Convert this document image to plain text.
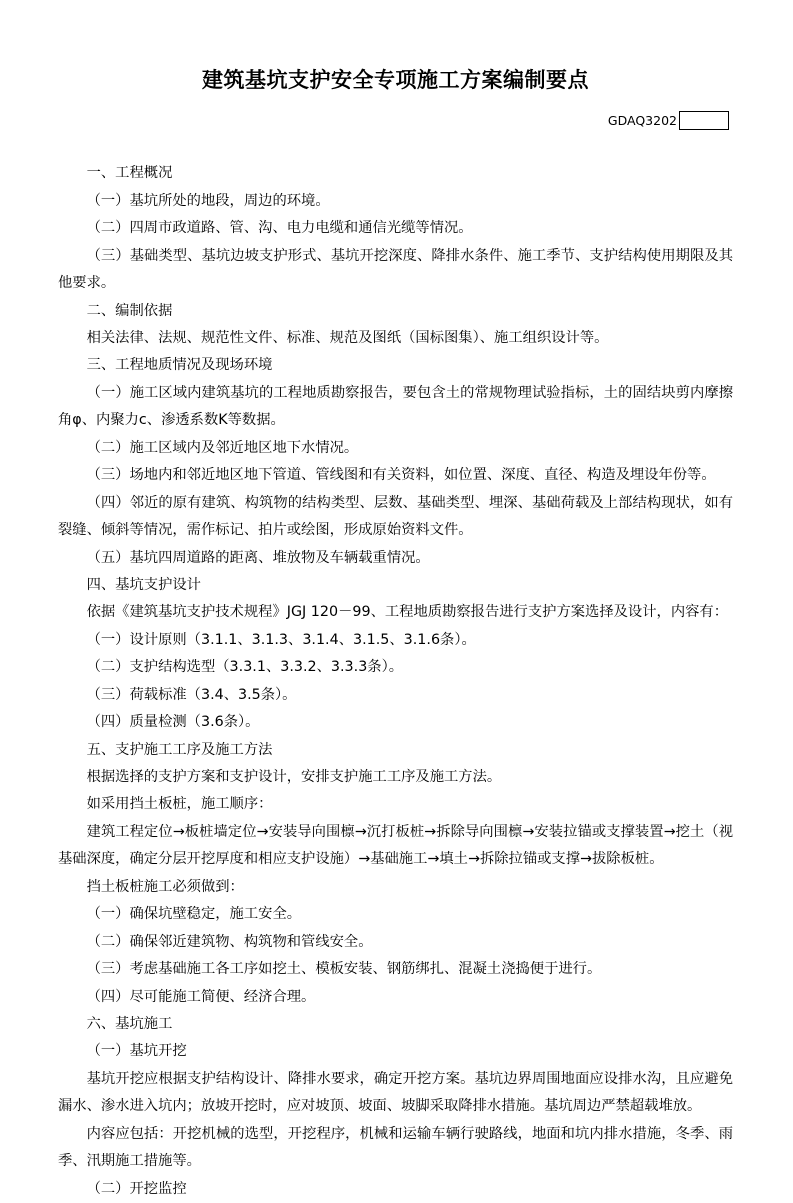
建筑基坑支护安全专项施工方案编制要点
GDAQ3202

一、工程概况

（一）基坑所处的地段，周边的环境。

（二）四周市政道路、管、沟、电力电缆和通信光缆等情况。

（三）基础类型、基坑边坡支护形式、基坑开挖深度、降排水条件、施工季节、支护结构使用期限及其他要求。

二、编制依据

相关法律、法规、规范性文件、标准、规范及图纸（国标图集）、施工组织设计等。

三、工程地质情况及现场环境

（一）施工区域内建筑基坑的工程地质勘察报告，要包含土的常规物理试验指标，土的固结块剪内摩擦角φ、内聚力c、渗透系数K等数据。

（二）施工区域内及邻近地区地下水情况。

（三）场地内和邻近地区地下管道、管线图和有关资料，如位置、深度、直径、构造及埋设年份等。

（四）邻近的原有建筑、构筑物的结构类型、层数、基础类型、埋深、基础荷载及上部结构现状，如有裂缝、倾斜等情况，需作标记、拍片或绘图，形成原始资料文件。

（五）基坑四周道路的距离、堆放物及车辆载重情况。

四、基坑支护设计

依据《建筑基坑支护技术规程》JGJ 120－99、工程地质勘察报告进行支护方案选择及设计，内容有：

（一）设计原则（3.1.1、3.1.3、3.1.4、3.1.5、3.1.6条）。

（二）支护结构选型（3.3.1、3.3.2、3.3.3条）。

（三）荷载标准（3.4、3.5条）。

（四）质量检测（3.6条）。

五、支护施工工序及施工方法

根据选择的支护方案和支护设计，安排支护施工工序及施工方法。

如采用挡土板桩，施工顺序：

建筑工程定位→板桩墙定位→安装导向围檩→沉打板桩→拆除导向围檩→安装拉锚或支撑装置→挖土（视基础深度，确定分层开挖厚度和相应支护设施）→基础施工→填土→拆除拉锚或支撑→拔除板桩。

挡土板桩施工必须做到：

（一）确保坑壁稳定，施工安全。

（二）确保邻近建筑物、构筑物和管线安全。

（三）考虑基础施工各工序如挖土、模板安装、钢筋绑扎、混凝土浇捣便于进行。

（四）尽可能施工简便、经济合理。

六、基坑施工

（一）基坑开挖

基坑开挖应根据支护结构设计、降排水要求，确定开挖方案。基坑边界周围地面应设排水沟，且应避免漏水、渗水进入坑内；放坡开挖时，应对坡顶、坡面、坡脚采取降排水措施。基坑周边严禁超载堆放。

内容应包括：开挖机械的选型，开挖程序，机械和运输车辆行驶路线，地面和坑内排水措施，冬季、雨季、汛期施工措施等。

（二）开挖监控
